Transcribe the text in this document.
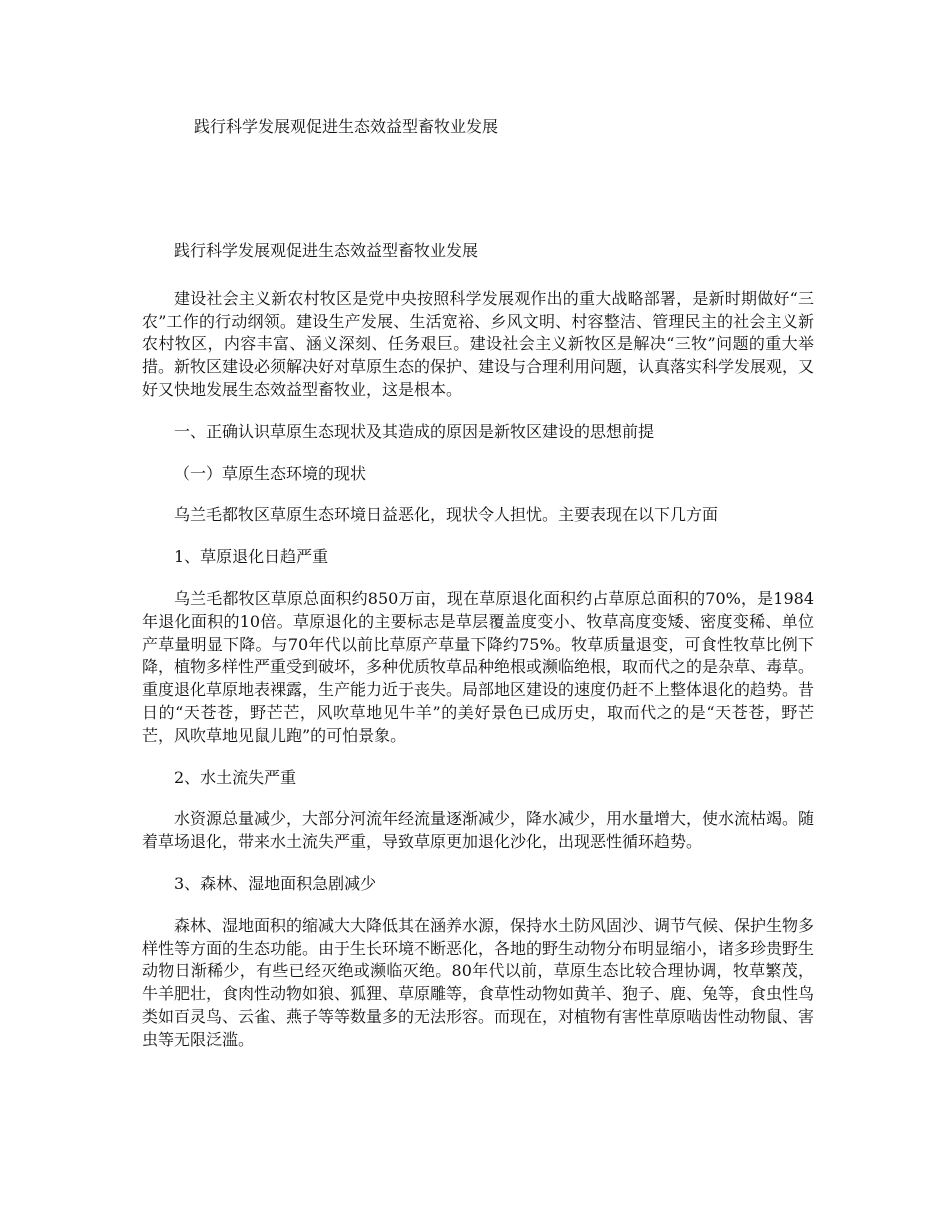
践行科学发展观促进生态效益型畜牧业发展

践行科学发展观促进生态效益型畜牧业发展

建设社会主义新农村牧区是党中央按照科学发展观作出的重大战略部署，是新时期做好“三农”工作的行动纲领。建设生产发展、生活宽裕、乡风文明、村容整洁、管理民主的社会主义新农村牧区，内容丰富、涵义深刻、任务艰巨。建设社会主义新牧区是解决“三牧”问题的重大举措。新牧区建设必须解决好对草原生态的保护、建设与合理利用问题，认真落实科学发展观，又好又快地发展生态效益型畜牧业，这是根本。

一、正确认识草原生态现状及其造成的原因是新牧区建设的思想前提

（一）草原生态环境的现状

乌兰毛都牧区草原生态环境日益恶化，现状令人担忧。主要表现在以下几方面

1、草原退化日趋严重

乌兰毛都牧区草原总面积约850万亩，现在草原退化面积约占草原总面积的70%，是1984年退化面积的10倍。草原退化的主要标志是草层覆盖度变小、牧草高度变矮、密度变稀、单位产草量明显下降。与70年代以前比草原产草量下降约75%。牧草质量退变，可食性牧草比例下降，植物多样性严重受到破坏，多种优质牧草品种绝根或濒临绝根，取而代之的是杂草、毒草。重度退化草原地表裸露，生产能力近于丧失。局部地区建设的速度仍赶不上整体退化的趋势。昔日的“天苍苍，野芒芒，风吹草地见牛羊”的美好景色已成历史，取而代之的是“天苍苍，野芒芒，风吹草地见鼠儿跑”的可怕景象。

2、水土流失严重

水资源总量减少，大部分河流年经流量逐渐减少，降水减少，用水量增大，使水流枯竭。随着草场退化，带来水土流失严重，导致草原更加退化沙化，出现恶性循环趋势。

3、森林、湿地面积急剧减少

森林、湿地面积的缩减大大降低其在涵养水源，保持水土防风固沙、调节气候、保护生物多样性等方面的生态功能。由于生长环境不断恶化，各地的野生动物分布明显缩小，诸多珍贵野生动物日渐稀少，有些已经灭绝或濒临灭绝。80年代以前，草原生态比较合理协调，牧草繁茂，牛羊肥壮，食肉性动物如狼、狐狸、草原雕等，食草性动物如黄羊、狍子、鹿、兔等，食虫性鸟类如百灵鸟、云雀、燕子等等数量多的无法形容。而现在，对植物有害性草原啮齿性动物鼠、害虫等无限泛滥。
